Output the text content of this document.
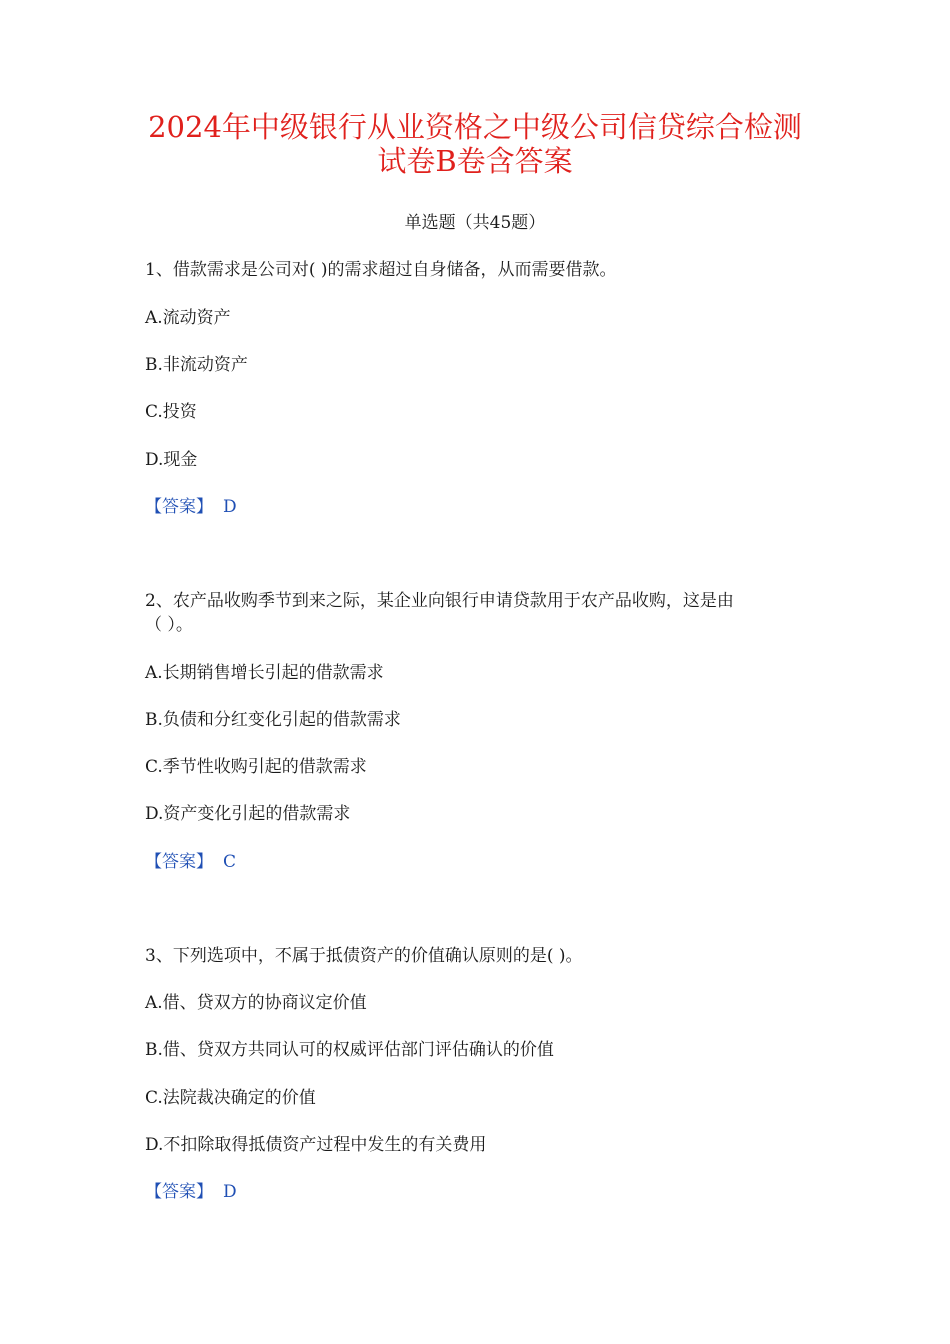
2024年中级银行从业资格之中级公司信贷综合检测
试卷B卷含答案
单选题（共45题）
1、借款需求是公司对( )的需求超过自身储备，从而需要借款。
A.流动资产
B.非流动资产
C.投资
D.现金
【答案】 D
2、农产品收购季节到来之际，某企业向银行申请贷款用于农产品收购，这是由
（ ）。
A.长期销售增长引起的借款需求
B.负债和分红变化引起的借款需求
C.季节性收购引起的借款需求
D.资产变化引起的借款需求
【答案】 C
3、下列选项中，不属于抵债资产的价值确认原则的是( )。
A.借、贷双方的协商议定价值
B.借、贷双方共同认可的权威评估部门评估确认的价值
C.法院裁决确定的价值
D.不扣除取得抵债资产过程中发生的有关费用
【答案】 D
